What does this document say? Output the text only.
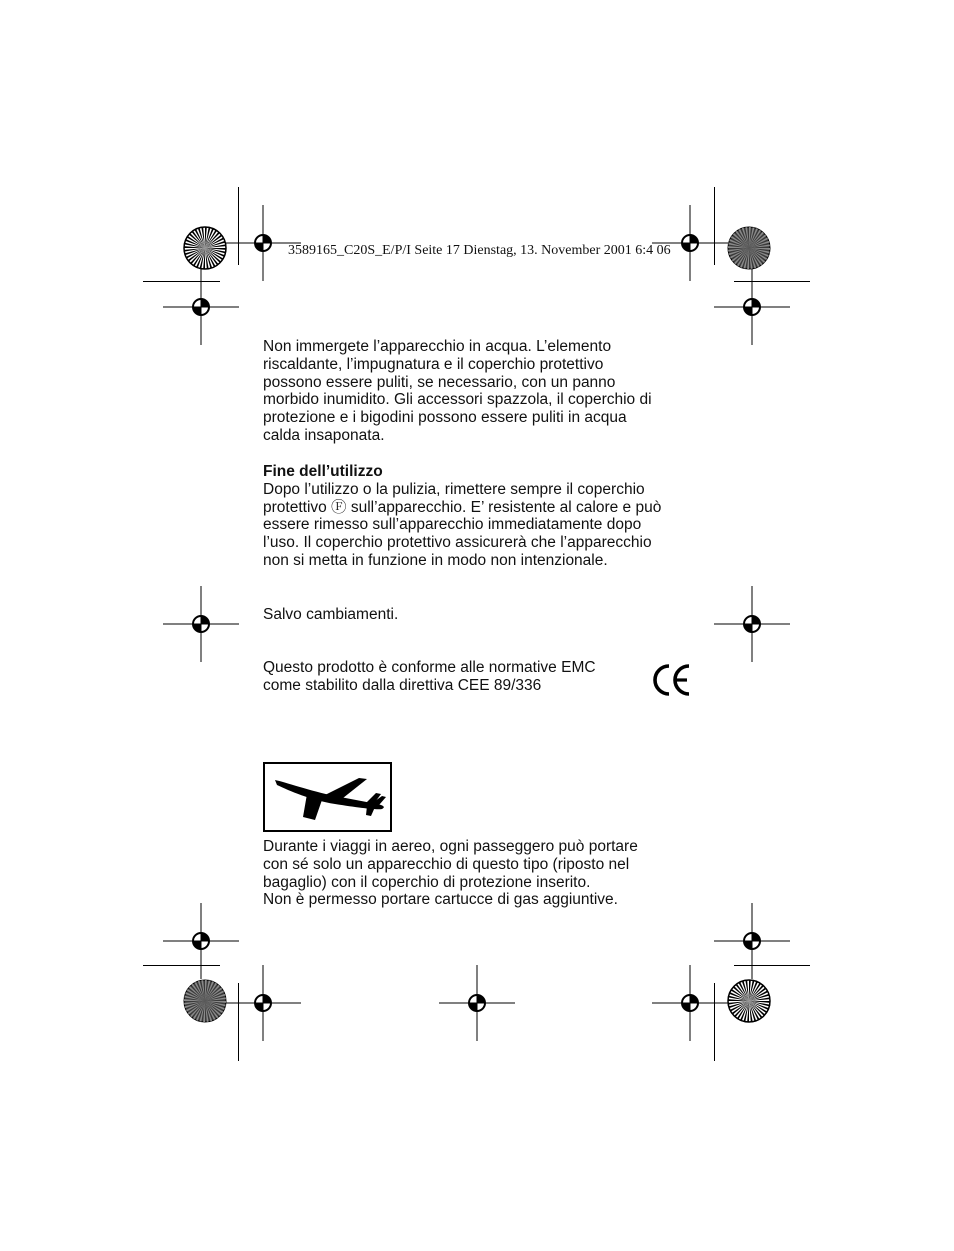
3589165_C20S_E/P/I Seite 17 Dienstag, 13. November 2001 6:4 06

Non immergete l’apparecchio in acqua. L’elemento
riscaldante, l’impugnatura e il coperchio protettivo
possono essere puliti, se necessario, con un panno
morbido inumidito. Gli accessori spazzola, il coperchio di
protezione e i bigodini possono essere puliti in acqua
calda insaponata.

Fine dell’utilizzo

Dopo l’utilizzo o la pulizia, rimettere sempre il coperchio
protettivo Ⓕ sull’apparecchio. E’ resistente al calore e può
essere rimesso sull’apparecchio immediatamente dopo
l’uso. Il coperchio protettivo assicurerà che l’apparecchio
non si metta in funzione in modo non intenzionale.

Salvo cambiamenti.

Questo prodotto è conforme alle normative EMC
come stabilito dalla direttiva CEE 89/336

Durante i viaggi in aereo, ogni passeggero può portare
con sé solo un apparecchio di questo tipo (riposto nel
bagaglio) con il coperchio di protezione inserito.
Non è permesso portare cartucce di gas aggiuntive.
